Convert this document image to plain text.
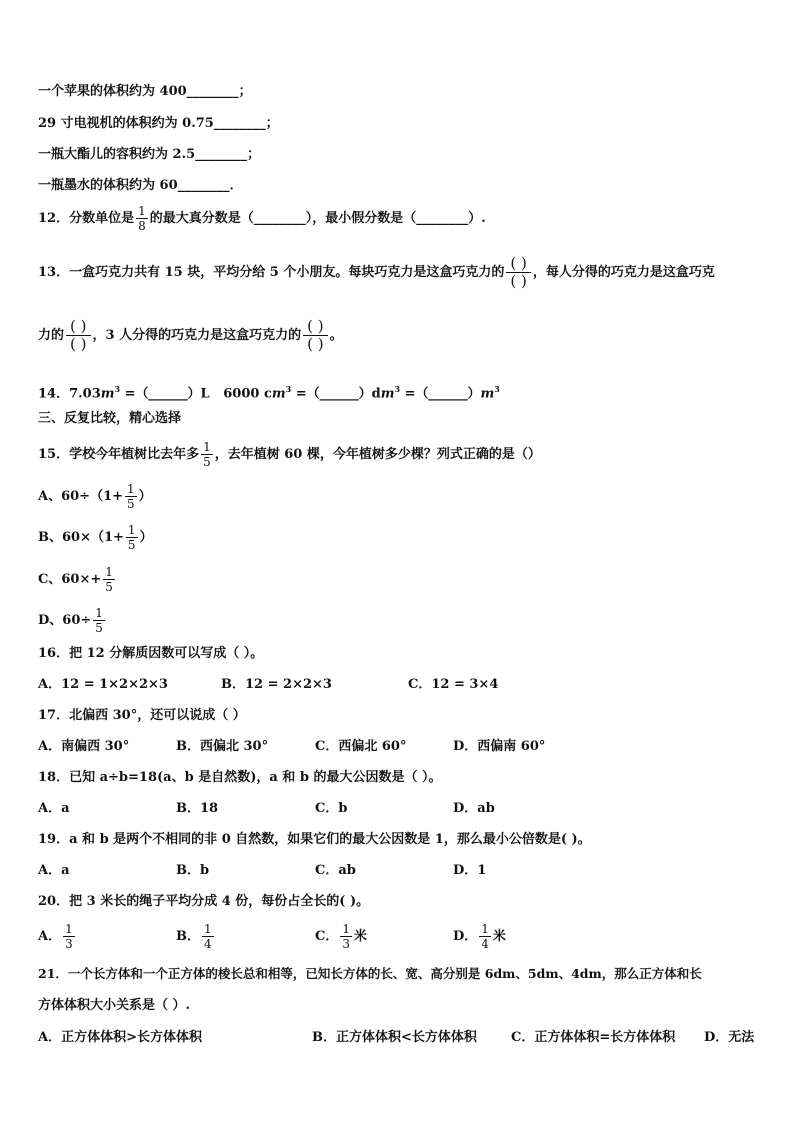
一个苹果的体积约为 400________；
29 寸电视机的体积约为 0.75________；
一瓶大酯儿的容积约为 2.5________；
一瓶墨水的体积约为 60________．
12．分数单位是 $\frac{1}{8}$ 的最大真分数是（________），最小假分数是（________）.
13．一盒巧克力共有 15 块，平均分给 5 个小朋友。每块巧克力是这盒巧克力的 $\frac{( )}{( )}$ ，每人分得的巧克力是这盒巧克
力的 $\frac{( )}{( )}$ ，3 人分得的巧克力是这盒巧克力的 $\frac{( )}{( )}$ 。
14．$7.03m^3$ =（______）L 6000 $cm^3$ $=(\_\_\_\_\_\_)dm^3$ $=(\_\_\_\_\_\_)m^3$
三、反复比较，精心选择
15．学校今年植树比去年多 $\frac{1}{5}$ ，去年植树 60 棵，今年植树多少棵？列式正确的是（）
A、$60\div(1+ \frac{1}{5}$ ）
B、$60\times(1+ \frac{1}{5}$ ）
C、$60\times+ \frac{1}{5}$
D、$60\div \frac{1}{5}$
16．把 12 分解质因数可以写成（ ）。
A．12 = 1×2×2×3	B．12 = 2×2×3	C．12 = 3×4
17．北偏西 30°，还可以说成（ ）
A．南偏西 30°	B．西偏北 30°	C．西偏北 60°	D．西偏南 60°
18．已知 a÷b=18(a、b 是自然数)，a 和 b 的最大公因数是（ ）。
A．a	B．18	C．b	D．ab
19．a 和 b 是两个不相同的非 0 自然数，如果它们的最大公因数是 1，那么最小公倍数是( )。
A．a	B．b	C．ab	D．1
20．把 3 米长的绳子平均分成 4 份，每份占全长的( )。
A． $\frac{1}{3}$	B． $\frac{1}{4}$	C． $\frac{1}{3}$ 米	D． $\frac{1}{4}$ 米
21．一个长方体和一个正方体的棱长总和相等，已知长方体的长、宽、高分别是 6dm、5dm、4dm，那么正方体和长
方体体积大小关系是（ ）.
A．正方体体积>长方体体积	B．正方体体积<长方体体积	C．正方体体积=长方体体积 D．无法
